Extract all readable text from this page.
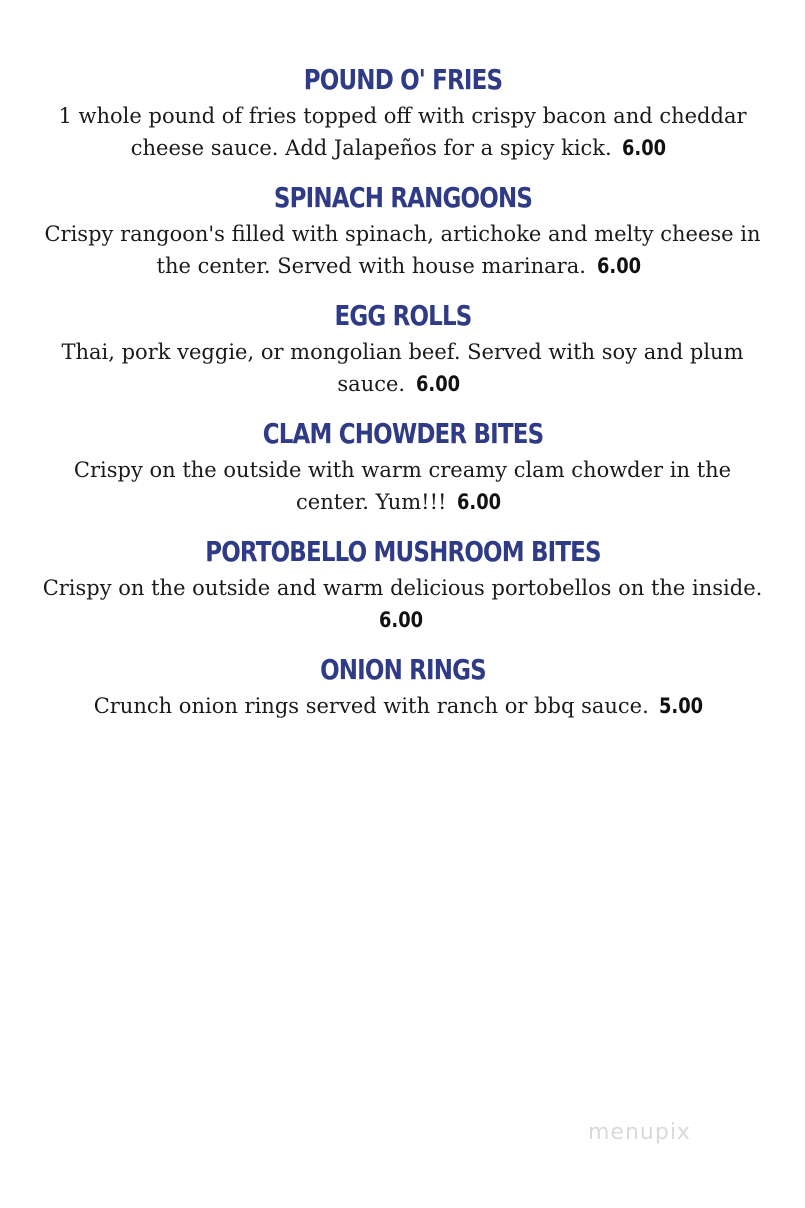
POUND O' FRIES

1 whole pound of fries topped off with crispy bacon and cheddar cheese sauce. Add Jalapeños for a spicy kick. 6.00

SPINACH RANGOONS

Crispy rangoon's filled with spinach, artichoke and melty cheese in the center. Served with house marinara. 6.00

EGG ROLLS

Thai, pork veggie, or mongolian beef. Served with soy and plum sauce. 6.00

CLAM CHOWDER BITES

Crispy on the outside with warm creamy clam chowder in the center. Yum!!! 6.00

PORTOBELLO MUSHROOM BITES

Crispy on the outside and warm delicious portobellos on the inside. 6.00

ONION RINGS

Crunch onion rings served with ranch or bbq sauce. 5.00

menupix
